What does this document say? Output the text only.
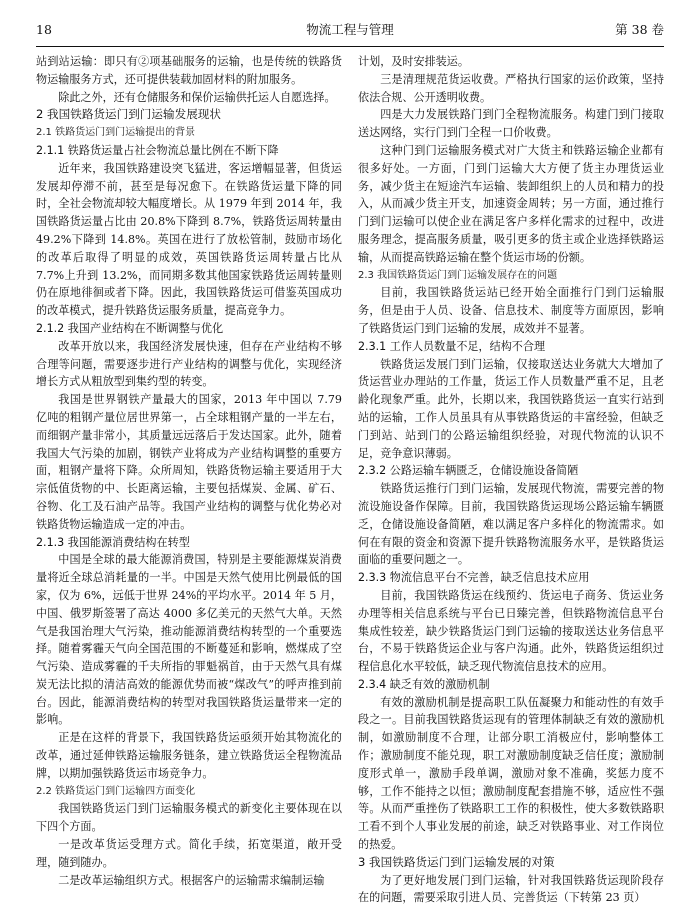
18	物流工程与管理	第 38 卷

站到站运输：即只有②项基础服务的运输，也是传统的铁路货物运输服务方式，还可提供装载加固材料的附加服务。

除此之外，还有仓储服务和保价运输供托运人自愿选择。

2 我国铁路货运门到门运输发展现状
2.1 铁路货运门到门运输提出的背景
2.1.1 铁路货运量占社会物流总量比例在不断下降

近年来，我国铁路建设突飞猛进，客运增幅显著，但货运发展却停滞不前，甚至是每况愈下。在铁路货运量下降的同时，全社会物流却较大幅度增长。从 1979 年到 2014 年，我国铁路货运量占比由 20.8%下降到 8.7%，铁路货运周转量由 49.2%下降到 14.8%。英国在进行了放松管制，鼓励市场化的改革后取得了明显的成效，英国铁路货运周转量占比从 7.7%上升到 13.2%，而同期多数其他国家铁路货运周转量则仍在原地徘徊或者下降。因此，我国铁路货运可借鉴英国成功的改革模式，提升铁路货运服务质量，提高竞争力。

2.1.2 我国产业结构在不断调整与优化

改革开放以来，我国经济发展快速，但存在产业结构不够合理等问题，需要逐步进行产业结构的调整与优化，实现经济增长方式从粗放型到集约型的转变。

我国是世界钢铁产量最大的国家，2013 年中国以 7.79 亿吨的粗钢产量位居世界第一，占全球粗钢产量的一半左右，而细钢产量非常小，其质量远远落后于发达国家。此外，随着我国大气污染的加剧，钢铁产业将成为产业结构调整的重要方面，粗钢产量将下降。众所周知，铁路货物运输主要适用于大宗低值货物的中、长距离运输，主要包括煤炭、金属、矿石、谷物、化工及石油产品等。我国产业结构的调整与优化势必对铁路货物运输造成一定的冲击。

2.1.3 我国能源消费结构在转型

中国是全球的最大能源消费国，特别是主要能源煤炭消费量将近全球总消耗量的一半。中国是天然气使用比例最低的国家，仅为 6%，远低于世界 24%的平均水平。2014 年 5 月，中国、俄罗斯签署了高达 4000 多亿美元的天然气大单。天然气是我国治理大气污染，推动能源消费结构转型的一个重要选择。随着雾霾天气向全国范围的不断蔓延和影响，燃煤成了空气污染、造成雾霾的千夫所指的罪魁祸首，由于天然气具有煤炭无法比拟的清洁高效的能源优势而被“煤改气”的呼声推到前台。因此，能源消费结构的转型对我国铁路货运量带来一定的影响。

正是在这样的背景下，我国铁路货运亟须开始其物流化的改革，通过延伸铁路运输服务链条，建立铁路货运全程物流品牌，以期加强铁路货运市场竞争力。

2.2 铁路货运门到门运输四方面变化

我国铁路货运门到门运输服务模式的新变化主要体现在以下四个方面。

一是改革货运受理方式。简化手续，拓宽渠道，敞开受理，随到随办。

二是改革运输组织方式。根据客户的运输需求编制运输

计划，及时安排装运。

三是清理规范货运收费。严格执行国家的运价政策，坚持依法合规、公开透明收费。

四是大力发展铁路门到门全程物流服务。构建门到门接取送达网络，实行门到门全程一口价收费。

这种门到门运输服务模式对广大货主和铁路运输企业都有很多好处。一方面，门到门运输大大方便了货主办理货运业务，减少货主在短途汽车运输、装卸组织上的人员和精力的投入，从而减少货主开支，加速资金周转；另一方面，通过推行门到门运输可以使企业在满足客户多样化需求的过程中，改进服务理念，提高服务质量，吸引更多的货主或企业选择铁路运输，从而提高铁路运输在整个货运市场的份额。

2.3 我国铁路货运门到门运输发展存在的问题

目前，我国铁路货运站已经开始全面推行门到门运输服务，但是由于人员、设备、信息技术、制度等方面原因，影响了铁路货运门到门运输的发展，成效并不显著。

2.3.1 工作人员数量不足，结构不合理

铁路货运发展门到门运输，仅接取送达业务就大大增加了货运营业办理站的工作量，货运工作人员数量严重不足，且老龄化现象严重。此外，长期以来，我国铁路货运一直实行站到站的运输，工作人员虽具有从事铁路货运的丰富经验，但缺乏门到站、站到门的公路运输组织经验，对现代物流的认识不足，竞争意识薄弱。

2.3.2 公路运输车辆匮乏，仓储设施设备简陋

铁路货运推行门到门运输，发展现代物流，需要完善的物流设施设备作保障。目前，我国铁路货运现场公路运输车辆匮乏，仓储设施设备简陋，难以满足客户多样化的物流需求。如何在有限的资金和资源下提升铁路物流服务水平，是铁路货运面临的重要问题之一。

2.3.3 物流信息平台不完善，缺乏信息技术应用

目前，我国铁路货运在线预约、货运电子商务、货运业务办理等相关信息系统与平台已日臻完善，但铁路物流信息平台集成性较差，缺少铁路货运门到门运输的接取送达业务信息平台，不易于铁路货运企业与客户沟通。此外，铁路货运组织过程信息化水平较低，缺乏现代物流信息技术的应用。

2.3.4 缺乏有效的激励机制

有效的激励机制是提高职工队伍凝聚力和能动性的有效手段之一。目前我国铁路货运现有的管理体制缺乏有效的激励机制，如激励制度不合理，让部分职工消极应付，影响整体工作；激励制度不能兑现，职工对激励制度缺乏信任度；激励制度形式单一，激励手段单调，激励对象不准确，奖惩力度不够，工作不能持之以恒；激励制度配套措施不够，适应性不强等。从而严重挫伤了铁路职工工作的积极性，使大多数铁路职工看不到个人事业发展的前途，缺乏对铁路事业、对工作岗位的热爱。

3 我国铁路货运门到门运输发展的对策

为了更好地发展门到门运输，针对我国铁路货运现阶段存在的问题，需要采取引进人员、完善货运（下转第 23 页）
